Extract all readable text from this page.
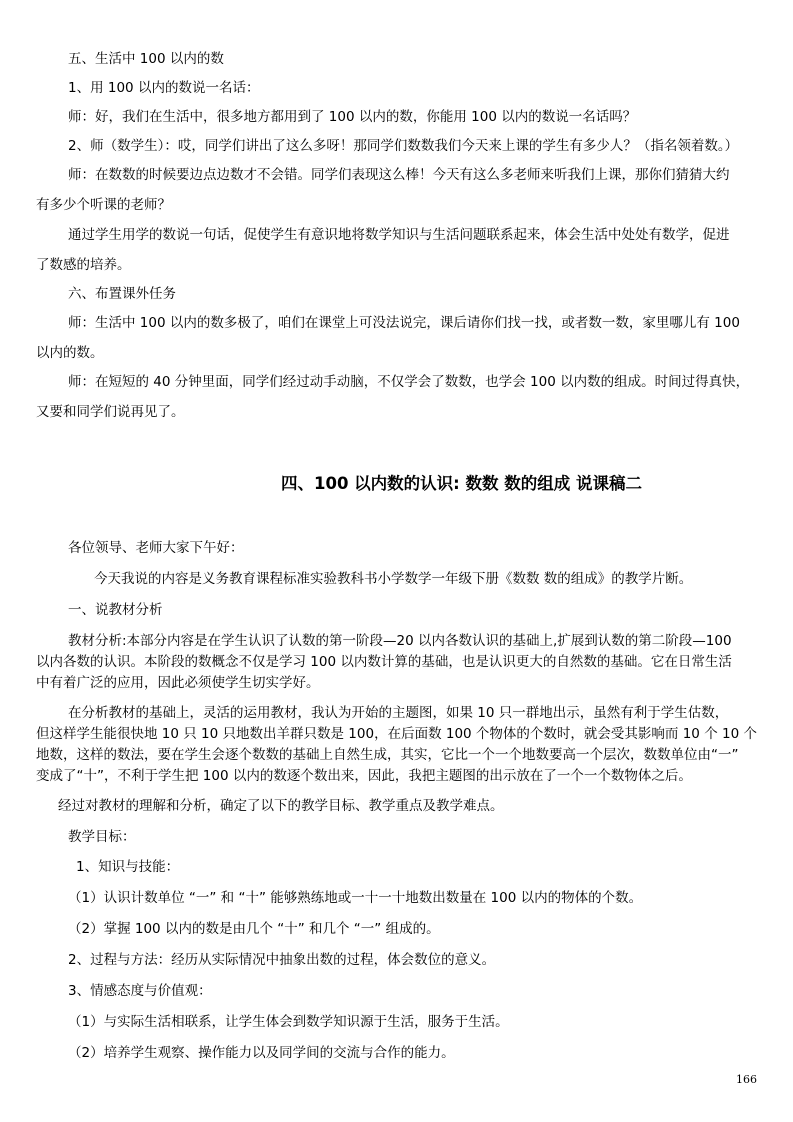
五、生活中 100 以内的数
1、用 100 以内的数说一名话：
师：好，我们在生活中，很多地方都用到了 100 以内的数，你能用 100 以内的数说一名话吗？
2、师（数学生）：哎，同学们讲出了这么多呀！那同学们数数我们今天来上课的学生有多少人？（指名领着数。）
师：在数数的时候要边点边数才不会错。同学们表现这么棒！今天有这么多老师来听我们上课，那你们猜猜大约
有多少个听课的老师？
通过学生用学的数说一句话，促使学生有意识地将数学知识与生活问题联系起来，体会生活中处处有数学，促进
了数感的培养。
六、布置课外任务
师：生活中 100 以内的数多极了，咱们在课堂上可没法说完，课后请你们找一找，或者数一数，家里哪儿有 100
以内的数。
师：在短短的 40 分钟里面，同学们经过动手动脑，不仅学会了数数，也学会 100 以内数的组成。时间过得真快，
又要和同学们说再见了。
四、100 以内数的认识: 数数 数的组成 说课稿二
各位领导、老师大家下午好：
今天我说的内容是义务教育课程标准实验教科书小学数学一年级下册《数数 数的组成》的教学片断。
一、说教材分析
教材分析:本部分内容是在学生认识了认数的第一阶段—20 以内各数认识的基础上,扩展到认数的第二阶段—100
以内各数的认识。本阶段的数概念不仅是学习 100 以内数计算的基础，也是认识更大的自然数的基础。它在日常生活
中有着广泛的应用，因此必须使学生切实学好。
在分析教材的基础上，灵活的运用教材，我认为开始的主题图，如果 10 只一群地出示，虽然有利于学生估数，
但这样学生能很快地 10 只 10 只地数出羊群只数是 100，在后面数 100 个物体的个数时，就会受其影响而 10 个 10 个
地数，这样的数法，要在学生会逐个数数的基础上自然生成，其实，它比一个一个地数要高一个层次，数数单位由“一”
变成了“十”，不利于学生把 100 以内的数逐个数出来，因此，我把主题图的出示放在了一个一个数物体之后。
经过对教材的理解和分析，确定了以下的教学目标、教学重点及教学难点。
教学目标：
1、知识与技能：
（1）认识计数单位 “一” 和 “十” 能够熟练地或一十一十地数出数量在 100 以内的物体的个数。
（2）掌握 100 以内的数是由几个 “十” 和几个 “一” 组成的。
2、过程与方法：经历从实际情况中抽象出数的过程，体会数位的意义。
3、情感态度与价值观：
（1）与实际生活相联系，让学生体会到数学知识源于生活，服务于生活。
（2）培养学生观察、操作能力以及同学间的交流与合作的能力。
166
